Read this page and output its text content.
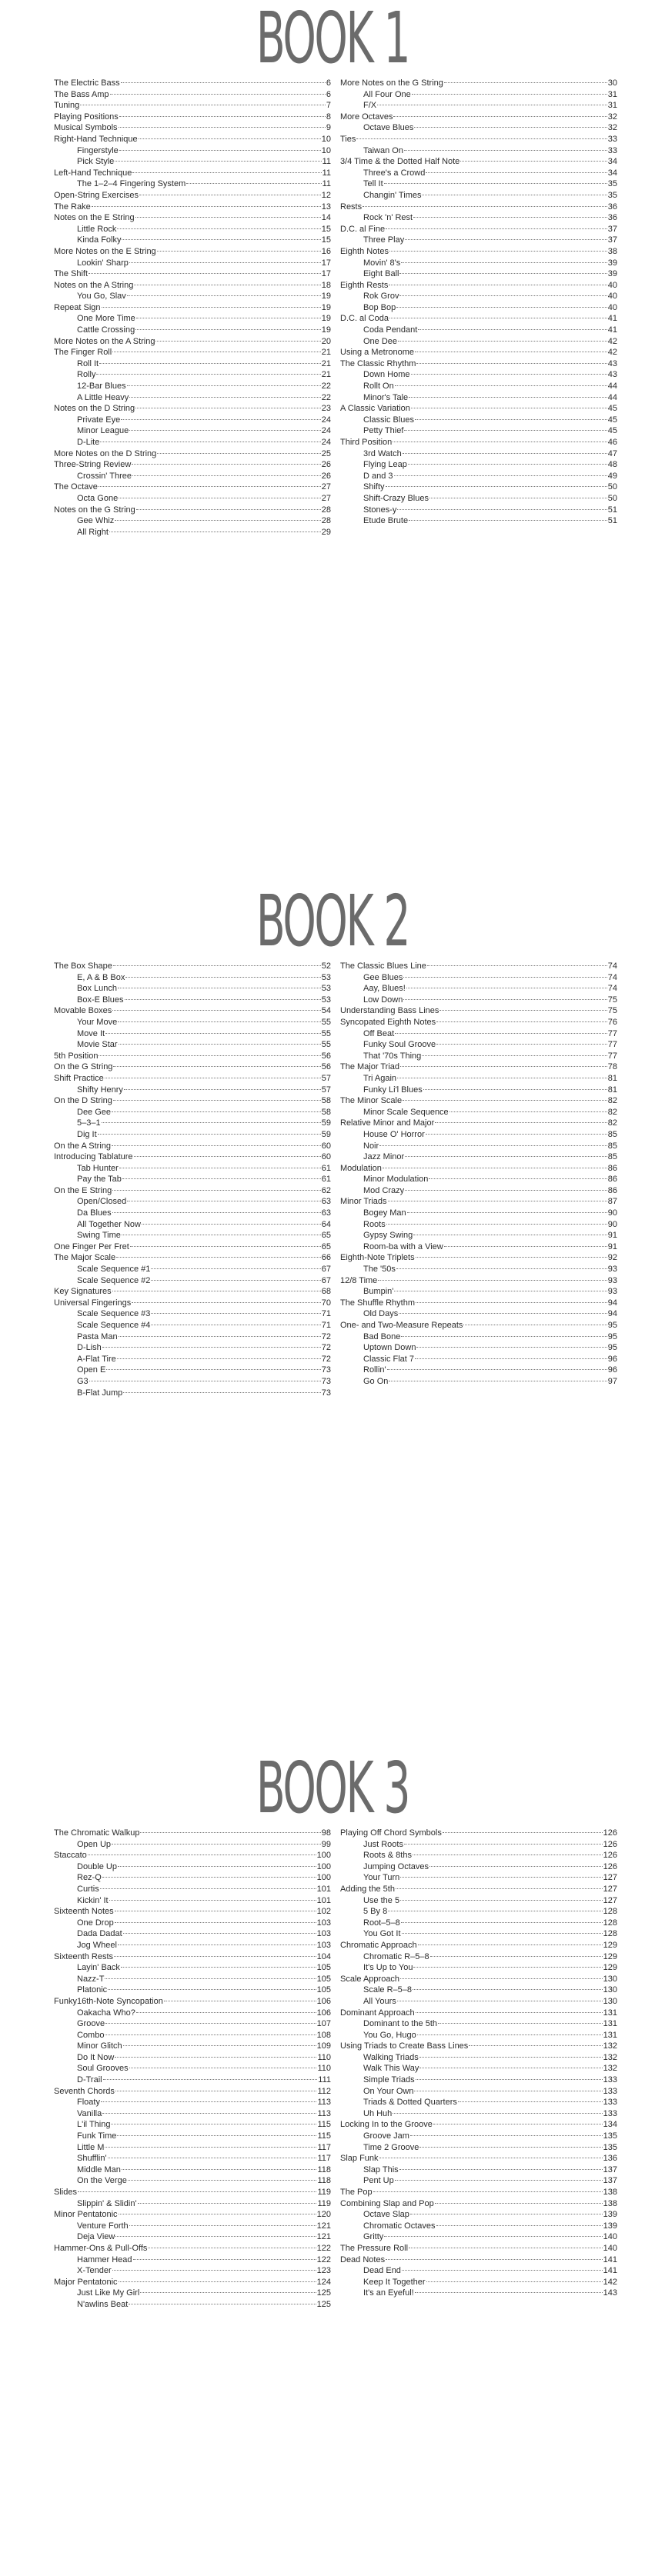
BOOK 1
The Electric Bass	6
The Bass Amp	6
Tuning	7
Playing Positions	8
Musical Symbols	9
Right-Hand Technique	10
Fingerstyle	10
Pick Style	11
Left-Hand Technique	11
The 1–2–4 Fingering System	11
Open-String Exercises	12
The Rake	13
Notes on the E String	14
Little Rock	15
Kinda Folky	15
More Notes on the E String	16
Lookin' Sharp	17
The Shift	17
Notes on the A String	18
You Go, Slav	19
Repeat Sign	19
One More Time	19
Cattle Crossing	19
More Notes on the A String	20
The Finger Roll	21
Roll It	21
Rolly	21
12-Bar Blues	22
A Little Heavy	22
Notes on the D String	23
Private Eye	24
Minor League	24
D-Lite	24
More Notes on the D String	25
Three-String Review	26
Crossin' Three	26
The Octave	27
Octa Gone	27
Notes on the G String	28
Gee Whiz	28
All Right	29
More Notes on the G String	30
All Four One	31
F/X	31
More Octaves	32
Octave Blues	32
Ties	33
Taiwan On	33
3/4 Time & the Dotted Half Note	34
Three's a Crowd	34
Tell It	35
Changin' Times	35
Rests	36
Rock 'n' Rest	36
D.C. al Fine	37
Three Play	37
Eighth Notes	38
Movin' 8's	39
Eight Ball	39
Eighth Rests	40
Rok Grov	40
Bop Bop	40
D.C. al Coda	41
Coda Pendant	41
One Dee	42
Using a Metronome	42
The Classic Rhythm	43
Down Home	43
Rollt On	44
Minor's Tale	44
A Classic Variation	45
Classic Blues	45
Petty Thief	45
Third Position	46
3rd Watch	47
Flying Leap	48
D and 3	49
Shifty	50
Shift-Crazy Blues	50
Stones-y	51
Etude Brute	51
BOOK 2
The Box Shape	52
E, A & B Box	53
Box Lunch	53
Box-E Blues	53
Movable Boxes	54
Your Move	55
Move It	55
Movie Star	55
5th Position	56
On the G String	56
Shift Practice	57
Shifty Henry	57
On the D String	58
Dee Gee	58
5–3–1	59
Dig It	59
On the A String	60
Introducing Tablature	60
Tab Hunter	61
Pay the Tab	61
On the E String	62
Open/Closed	63
Da Blues	63
All Together Now	64
Swing Time	65
One Finger Per Fret	65
The Major Scale	66
Scale Sequence #1	67
Scale Sequence #2	67
Key Signatures	68
Universal Fingerings	70
Scale Sequence #3	71
Scale Sequence #4	71
Pasta Man	72
D-Lish	72
A-Flat Tire	72
Open E	73
G3	73
B-Flat Jump	73
The Classic Blues Line	74
Gee Blues	74
Aay, Blues!	74
Low Down	75
Understanding Bass Lines	75
Syncopated Eighth Notes	76
Off Beat	77
Funky Soul Groove	77
That '70s Thing	77
The Major Triad	78
Tri Again	81
Funky Li'l Blues	81
The Minor Scale	82
Minor Scale Sequence	82
Relative Minor and Major	82
House O' Horror	85
Noir	85
Jazz Minor	85
Modulation	86
Minor Modulation	86
Mod Crazy	86
Minor Triads	87
Bogey Man	90
Roots	90
Gypsy Swing	91
Room-ba with a View	91
Eighth-Note Triplets	92
The '50s	93
12/8 Time	93
Bumpin'	93
The Shuffle Rhythm	94
Old Days	94
One- and Two-Measure Repeats	95
Bad Bone	95
Uptown Down	95
Classic Flat 7	96
Rollin'	96
Go On	97
BOOK 3
The Chromatic Walkup	98
Open Up	99
Staccato	100
Double Up	100
Rez-Q	100
Curtis	101
Kickin' It	101
Sixteenth Notes	102
One Drop	103
Dada Dadat	103
Jog Wheel	103
Sixteenth Rests	104
Layin' Back	105
Nazz-T	105
Platonic	105
Funky16th-Note Syncopation	106
Oakacha Who?	106
Groove	107
Combo	108
Minor Glitch	109
Do It Now	110
Soul Grooves	110
D-Trail	111
Seventh Chords	112
Floaty	113
Vanilla	113
L'il Thing	115
Funk Time	115
Little M	117
Shufflin'	117
Middle Man	118
On the Verge	118
Slides	119
Slippin' & Slidin'	119
Minor Pentatonic	120
Venture Forth	121
Deja View	121
Hammer-Ons & Pull-Offs	122
Hammer Head	122
X-Tender	123
Major Pentatonic	124
Just Like My Girl	125
N'awlins Beat	125
Playing Off Chord Symbols	126
Just Roots	126
Roots & 8ths	126
Jumping Octaves	126
Your Turn	127
Adding the 5th	127
Use the 5	127
5 By 8	128
Root–5–8	128
You Got It	128
Chromatic Approach	129
Chromatic R–5–8	129
It's Up to You	129
Scale Approach	130
Scale R–5–8	130
All Yours	130
Dominant Approach	131
Dominant to the 5th	131
You Go, Hugo	131
Using Triads to Create Bass Lines	132
Walking Triads	132
Walk This Way	132
Simple Triads	133
On Your Own	133
Triads & Dotted Quarters	133
Uh Huh	133
Locking In to the Groove	134
Groove Jam	135
Time 2 Groove	135
Slap Funk	136
Slap This	137
Pent Up	137
The Pop	138
Combining Slap and Pop	138
Octave Slap	139
Chromatic Octaves	139
Gritty	140
The Pressure Roll	140
Dead Notes	141
Dead End	141
Keep It Together	142
It's an Eyeful!	143
